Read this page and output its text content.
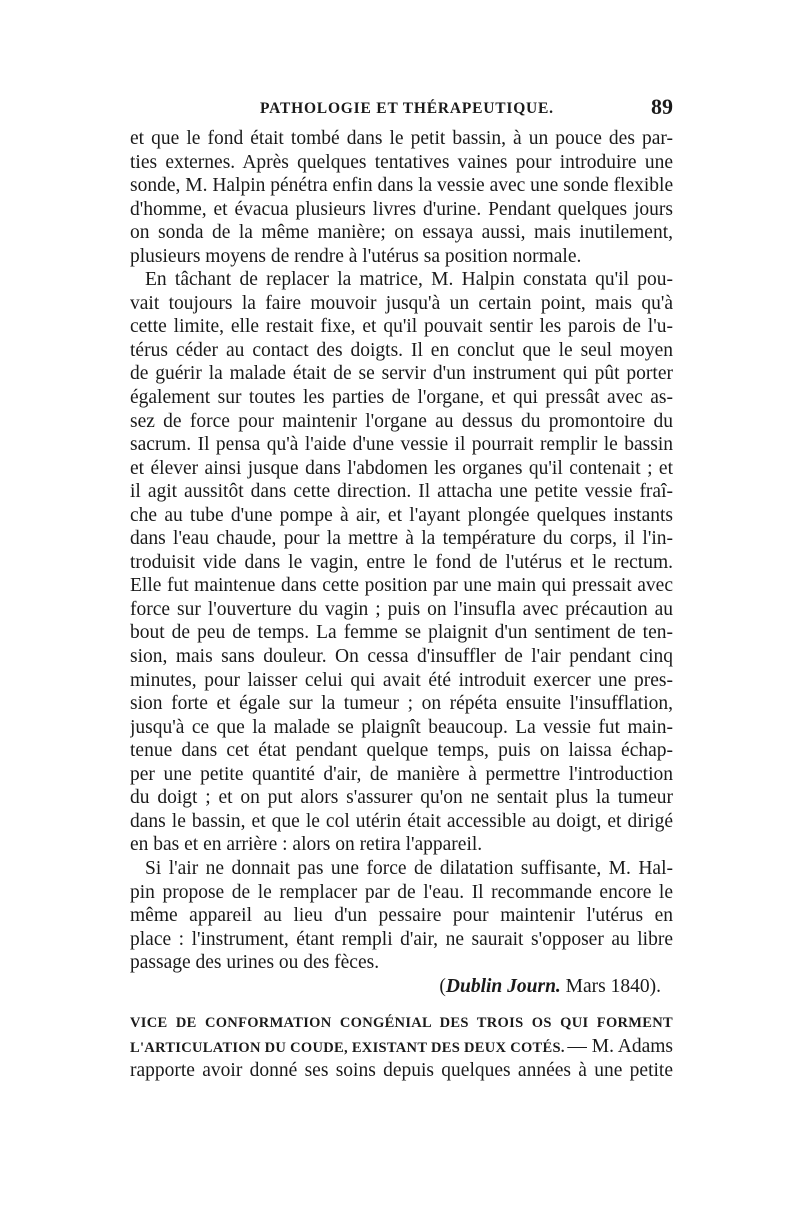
PATHOLOGIE ET THÉRAPEUTIQUE.	89
et que le fond était tombé dans le petit bassin, à un pouce des par-
ties externes. Après quelques tentatives vaines pour introduire une
sonde, M. Halpin pénétra enfin dans la vessie avec une sonde flexible
d'homme, et évacua plusieurs livres d'urine. Pendant quelques jours
on sonda de la même manière; on essaya aussi, mais inutilement,
plusieurs moyens de rendre à l'utérus sa position normale.
En tâchant de replacer la matrice, M. Halpin constata qu'il pou-
vait toujours la faire mouvoir jusqu'à un certain point, mais qu'à
cette limite, elle restait fixe, et qu'il pouvait sentir les parois de l'u-
térus céder au contact des doigts. Il en conclut que le seul moyen
de guérir la malade était de se servir d'un instrument qui pût porter
également sur toutes les parties de l'organe, et qui pressât avec as-
sez de force pour maintenir l'organe au dessus du promontoire du
sacrum. Il pensa qu'à l'aide d'une vessie il pourrait remplir le bassin
et élever ainsi jusque dans l'abdomen les organes qu'il contenait ; et
il agit aussitôt dans cette direction. Il attacha une petite vessie fraî-
che au tube d'une pompe à air, et l'ayant plongée quelques instants
dans l'eau chaude, pour la mettre à la température du corps, il l'in-
troduisit vide dans le vagin, entre le fond de l'utérus et le rectum.
Elle fut maintenue dans cette position par une main qui pressait avec
force sur l'ouverture du vagin ; puis on l'insufla avec précaution au
bout de peu de temps. La femme se plaignit d'un sentiment de ten-
sion, mais sans douleur. On cessa d'insuffler de l'air pendant cinq
minutes, pour laisser celui qui avait été introduit exercer une pres-
sion forte et égale sur la tumeur ; on répéta ensuite l'insufflation,
jusqu'à ce que la malade se plaignît beaucoup. La vessie fut main-
tenue dans cet état pendant quelque temps, puis on laissa échap-
per une petite quantité d'air, de manière à permettre l'introduction
du doigt ; et on put alors s'assurer qu'on ne sentait plus la tumeur
dans le bassin, et que le col utérin était accessible au doigt, et dirigé
en bas et en arrière : alors on retira l'appareil.
Si l'air ne donnait pas une force de dilatation suffisante, M. Hal-
pin propose de le remplacer par de l'eau. Il recommande encore le
même appareil au lieu d'un pessaire pour maintenir l'utérus en
place : l'instrument, étant rempli d'air, ne saurait s'opposer au libre
passage des urines ou des fèces.
(Dublin Journ. Mars 1840).
VICE DE CONFORMATION CONGÉNIAL DES TROIS OS QUI FORMENT
L'ARTICULATION DU COUDE, EXISTANT DES DEUX COTÉS. — M. Adams
rapporte avoir donné ses soins depuis quelques années à une petite
